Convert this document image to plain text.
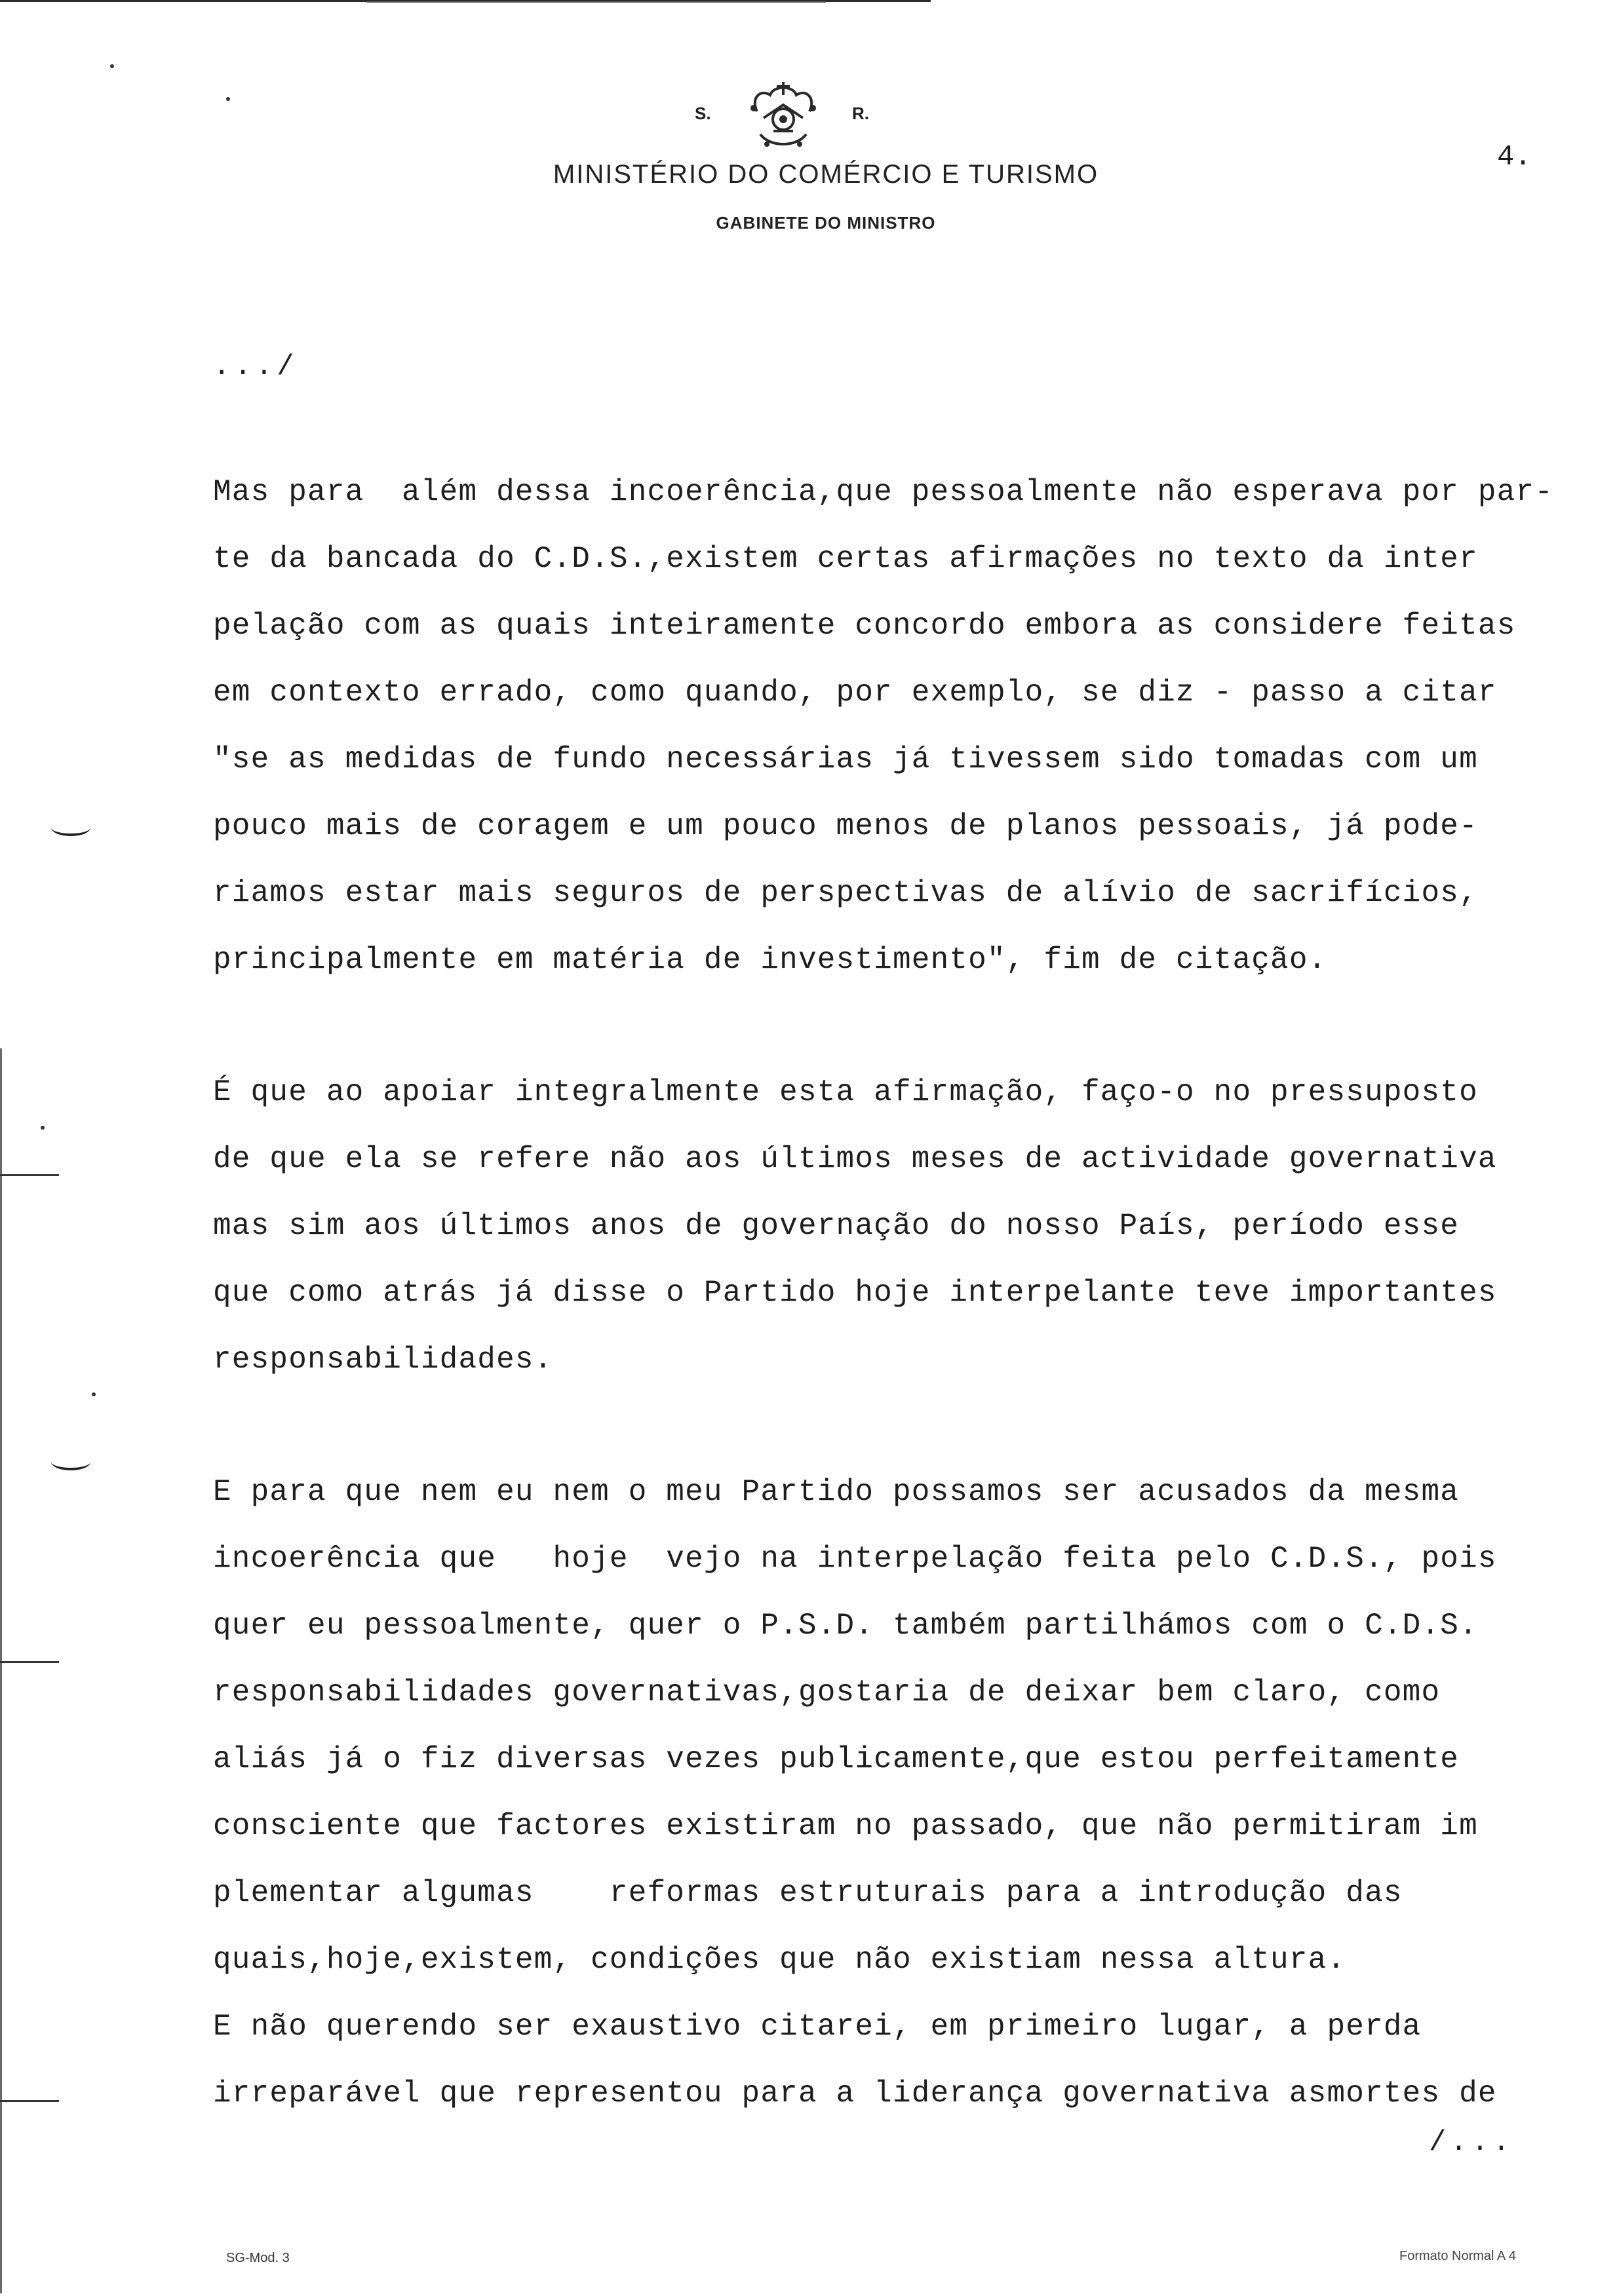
S.	R.
MINISTÉRIO DO COMÉRCIO E TURISMO
GABINETE DO MINISTRO
4.
.../
Mas para  além dessa incoerência,que pessoalmente não esperava por par-
te da bancada do C.D.S.,existem certas afirmações no texto da inter
pelação com as quais inteiramente concordo embora as considere feitas
em contexto errado, como quando, por exemplo, se diz - passo a citar
"se as medidas de fundo necessárias já tivessem sido tomadas com um
pouco mais de coragem e um pouco menos de planos pessoais, já pode-
riamos estar mais seguros de perspectivas de alívio de sacrifícios,
principalmente em matéria de investimento", fim de citação.
É que ao apoiar integralmente esta afirmação, faço-o no pressuposto
de que ela se refere não aos últimos meses de actividade governativa
mas sim aos últimos anos de governação do nosso País, período esse
que como atrás já disse o Partido hoje interpelante teve importantes
responsabilidades.
E para que nem eu nem o meu Partido possamos ser acusados da mesma
incoerência que   hoje  vejo na interpelação feita pelo C.D.S., pois
quer eu pessoalmente, quer o P.S.D. também partilhámos com o C.D.S.
responsabilidades governativas,gostaria de deixar bem claro, como
aliás já o fiz diversas vezes publicamente,que estou perfeitamente
consciente que factores existiram no passado, que não permitiram im
plementar algumas    reformas estruturais para a introdução das
quais,hoje,existem, condições que não existiam nessa altura.
E não querendo ser exaustivo citarei, em primeiro lugar, a perda
irreparável que representou para a liderança governativa asmortes de
/...
SG-Mod. 3	Formato Normal A 4
